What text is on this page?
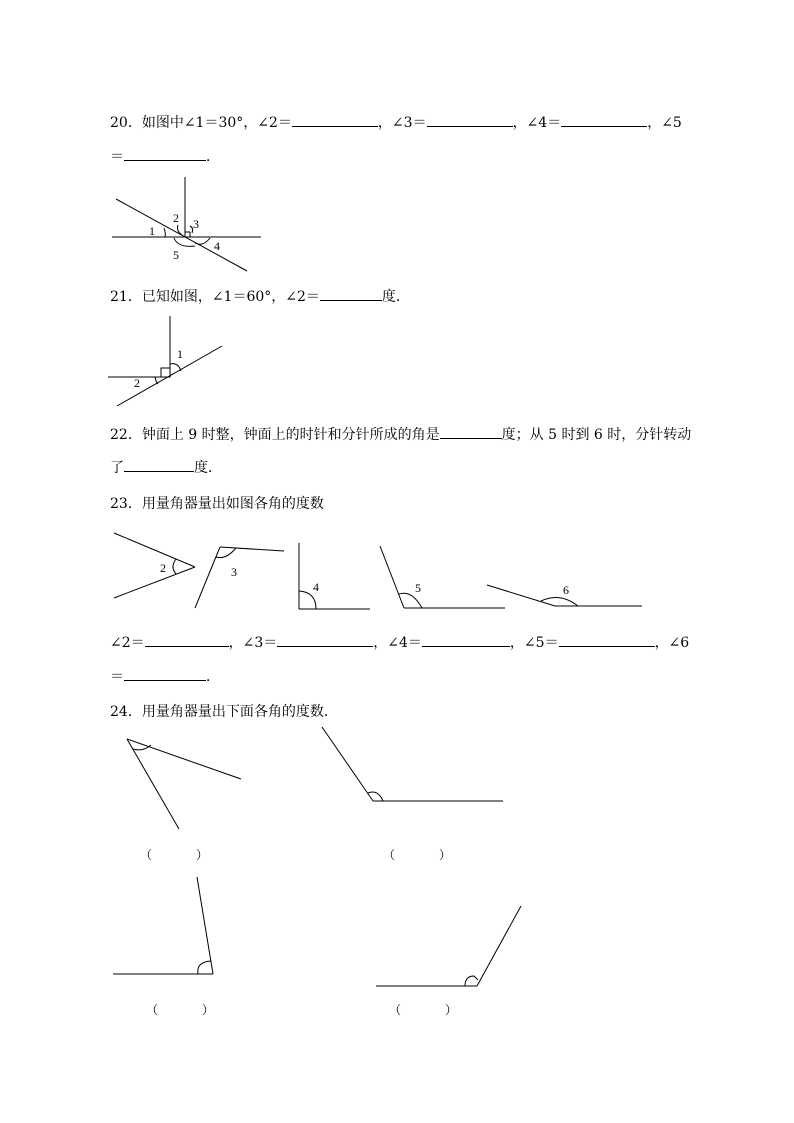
20．如图中∠1＝30°，∠2＝	，∠3＝	，∠4＝	，∠5
＝	．
21．已知如图，∠1＝60°，∠2＝	度．
22．钟面上 9 时整，钟面上的时针和分针所成的角是	度；从 5 时到 6 时，分针转动
了	度．
23．用量角器量出如图各角的度数
∠2＝	，∠3＝	，∠4＝	，∠5＝	，∠6
＝	．
24．用量角器量出下面各角的度数．
（	）	（	）
（	）	（	）
1
2 3
4
5
1
2
2	3
4	5	6
